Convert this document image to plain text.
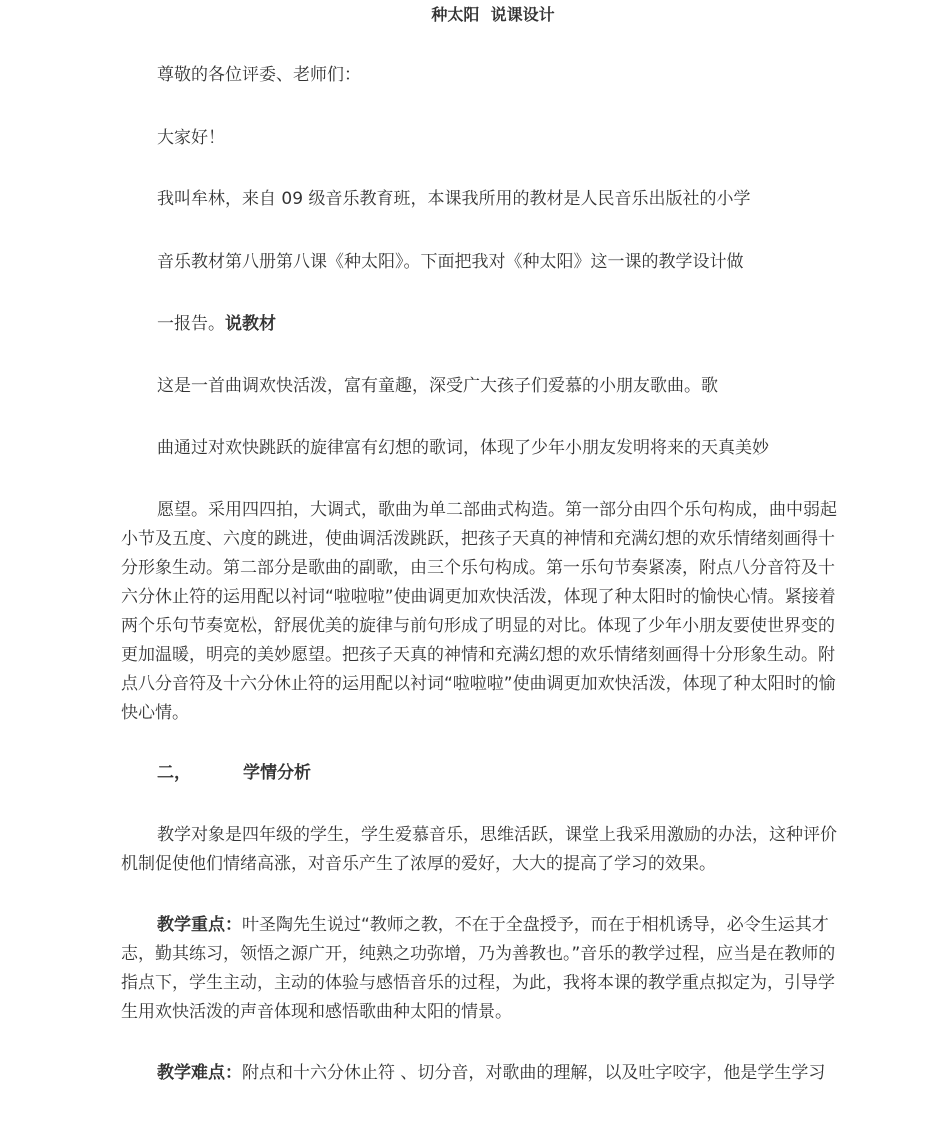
种太阳  说课设计
尊敬的各位评委、老师们：
大家好！
我叫牟林，来自 09 级音乐教育班，本课我所用的教材是人民音乐出版社的小学
音乐教材第八册第八课《种太阳》。下面把我对《种太阳》这一课的教学设计做
一报告。说教材
这是一首曲调欢快活泼，富有童趣，深受广大孩子们爱慕的小朋友歌曲。歌
曲通过对欢快跳跃的旋律富有幻想的歌词，体现了少年小朋友发明将来的天真美妙
愿望。采用四四拍，大调式，歌曲为单二部曲式构造。第一部分由四个乐句构成，曲中弱起小节及五度、六度的跳进，使曲调活泼跳跃，把孩子天真的神情和充满幻想的欢乐情绪刻画得十分形象生动。第二部分是歌曲的副歌，由三个乐句构成。第一乐句节奏紧凑，附点八分音符及十六分休止符的运用配以衬词“啦啦啦”使曲调更加欢快活泼，体现了种太阳时的愉快心情。紧接着两个乐句节奏宽松，舒展优美的旋律与前句形成了明显的对比。体现了少年小朋友要使世界变的更加温暖，明亮的美妙愿望。把孩子天真的神情和充满幻想的欢乐情绪刻画得十分形象生动。附点八分音符及十六分休止符的运用配以衬词“啦啦啦”使曲调更加欢快活泼，体现了种太阳时的愉快心情。
二，	学情分析
教学对象是四年级的学生，学生爱慕音乐，思维活跃，课堂上我采用激励的办法，这种评价机制促使他们情绪高涨，对音乐产生了浓厚的爱好，大大的提高了学习的效果。
教学重点：叶圣陶先生说过“教师之教，不在于全盘授予，而在于相机诱导，必令生运其才志，勤其练习，领悟之源广开，纯熟之功弥增，乃为善教也。”音乐的教学过程，应当是在教师的指点下，学生主动，主动的体验与感悟音乐的过程，为此，我将本课的教学重点拟定为，引导学生用欢快活泼的声音体现和感悟歌曲种太阳的情景。
教学难点：附点和十六分休止符 、切分音，对歌曲的理解，以及吐字咬字，他是学生学习
